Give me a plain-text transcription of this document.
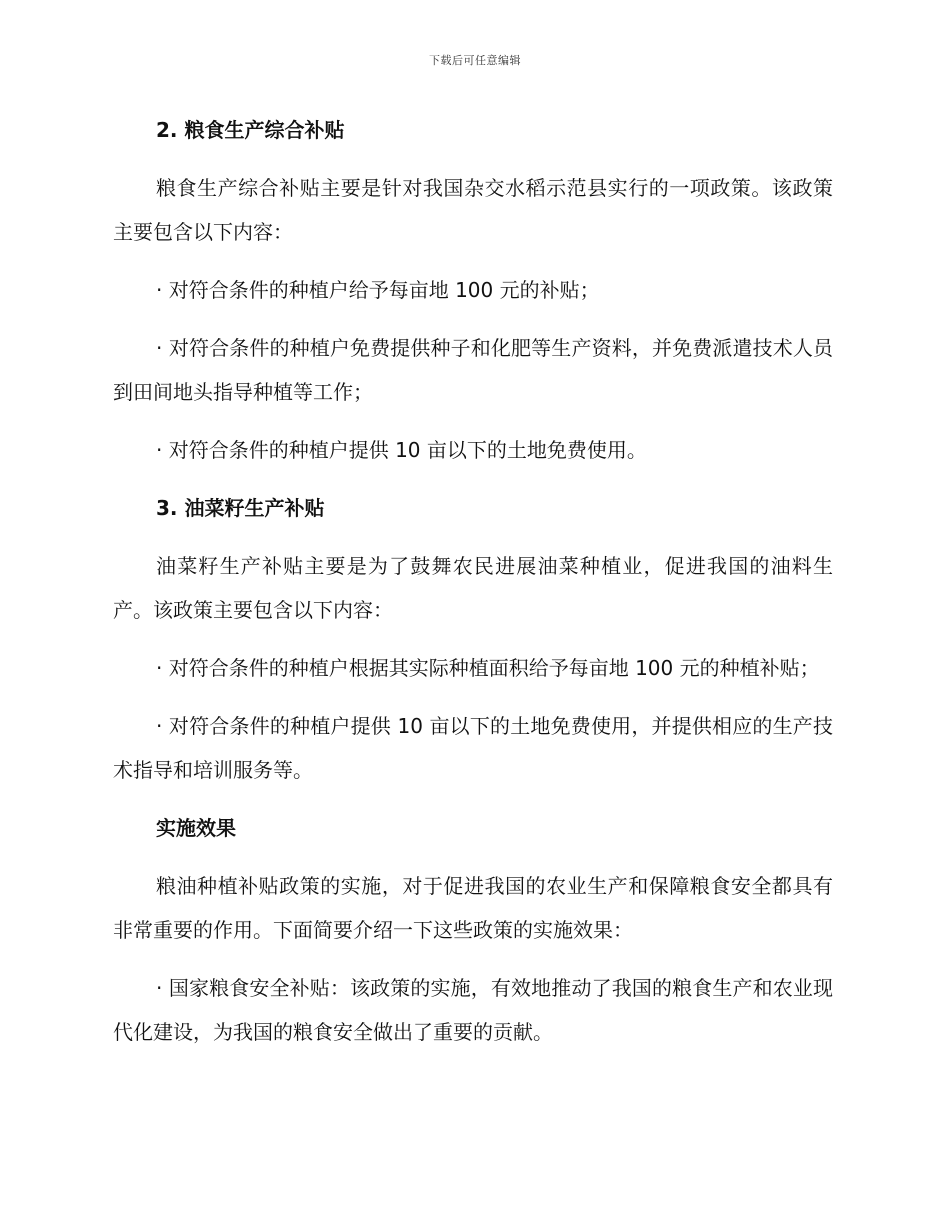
下载后可任意编辑
2. 粮食生产综合补贴
粮食生产综合补贴主要是针对我国杂交水稻示范县实行的一项政策。该政策主要包含以下内容：
· 对符合条件的种植户给予每亩地 100 元的补贴；
· 对符合条件的种植户免费提供种子和化肥等生产资料，并免费派遣技术人员到田间地头指导种植等工作；
· 对符合条件的种植户提供 10 亩以下的土地免费使用。
3. 油菜籽生产补贴
油菜籽生产补贴主要是为了鼓舞农民进展油菜种植业，促进我国的油料生产。该政策主要包含以下内容：
· 对符合条件的种植户根据其实际种植面积给予每亩地 100 元的种植补贴；
· 对符合条件的种植户提供 10 亩以下的土地免费使用，并提供相应的生产技术指导和培训服务等。
实施效果
粮油种植补贴政策的实施，对于促进我国的农业生产和保障粮食安全都具有非常重要的作用。下面简要介绍一下这些政策的实施效果：
· 国家粮食安全补贴：该政策的实施，有效地推动了我国的粮食生产和农业现代化建设，为我国的粮食安全做出了重要的贡献。
